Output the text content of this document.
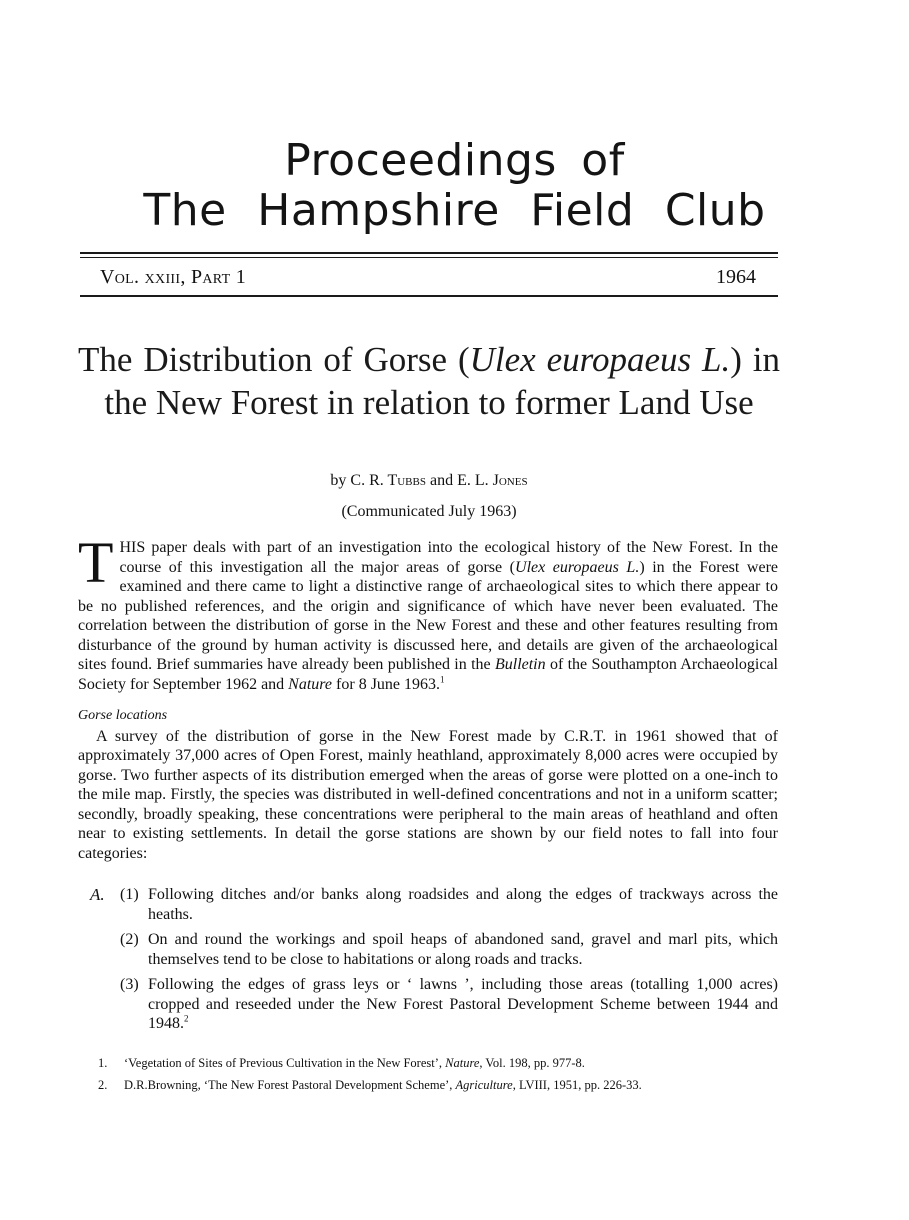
Proceedings of
The Hampshire Field Club
Vol. xxiii, Part 1	1964
The Distribution of Gorse (Ulex europaeus L.) in the New Forest in relation to former Land Use
by C. R. Tubbs and E. L. Jones
(Communicated July 1963)

THIS paper deals with part of an investigation into the ecological history of the New Forest. In the course of this investigation all the major areas of gorse (Ulex europaeus L.) in the Forest were examined and there came to light a distinctive range of archaeological sites to which there appear to be no published references, and the origin and significance of which have never been evaluated. The correlation between the distribution of gorse in the New Forest and these and other features resulting from disturbance of the ground by human activity is discussed here, and details are given of the archaeological sites found. Brief summaries have already been published in the Bulletin of the Southampton Archaeological Society for September 1962 and Nature for 8 June 1963.$^1$

Gorse locations

A survey of the distribution of gorse in the New Forest made by C.R.T. in 1961 showed that of approximately 37,000 acres of Open Forest, mainly heathland, approximately 8,000 acres were occupied by gorse. Two further aspects of its distribution emerged when the areas of gorse were plotted on a one-inch to the mile map. Firstly, the species was distributed in well-defined concentrations and not in a uniform scatter; secondly, broadly speaking, these concentrations were peripheral to the main areas of heathland and often near to existing settlements. In detail the gorse stations are shown by our field notes to fall into four categories:

A. (1) Following ditches and/or banks along roadsides and along the edges of trackways across the heaths.
(2) On and round the workings and spoil heaps of abandoned sand, gravel and marl pits, which themselves tend to be close to habitations or along roads and tracks.
(3) Following the edges of grass leys or ‘ lawns ’, including those areas (totalling 1,000 acres) cropped and reseeded under the New Forest Pastoral Development Scheme between 1944 and 1948.$^2$
1. ‘Vegetation of Sites of Previous Cultivation in the New Forest’, Nature, Vol. 198, pp. 977-8.
2. D.R.Browning, ‘The New Forest Pastoral Development Scheme’, Agriculture, LVIII, 1951, pp. 226-33.
